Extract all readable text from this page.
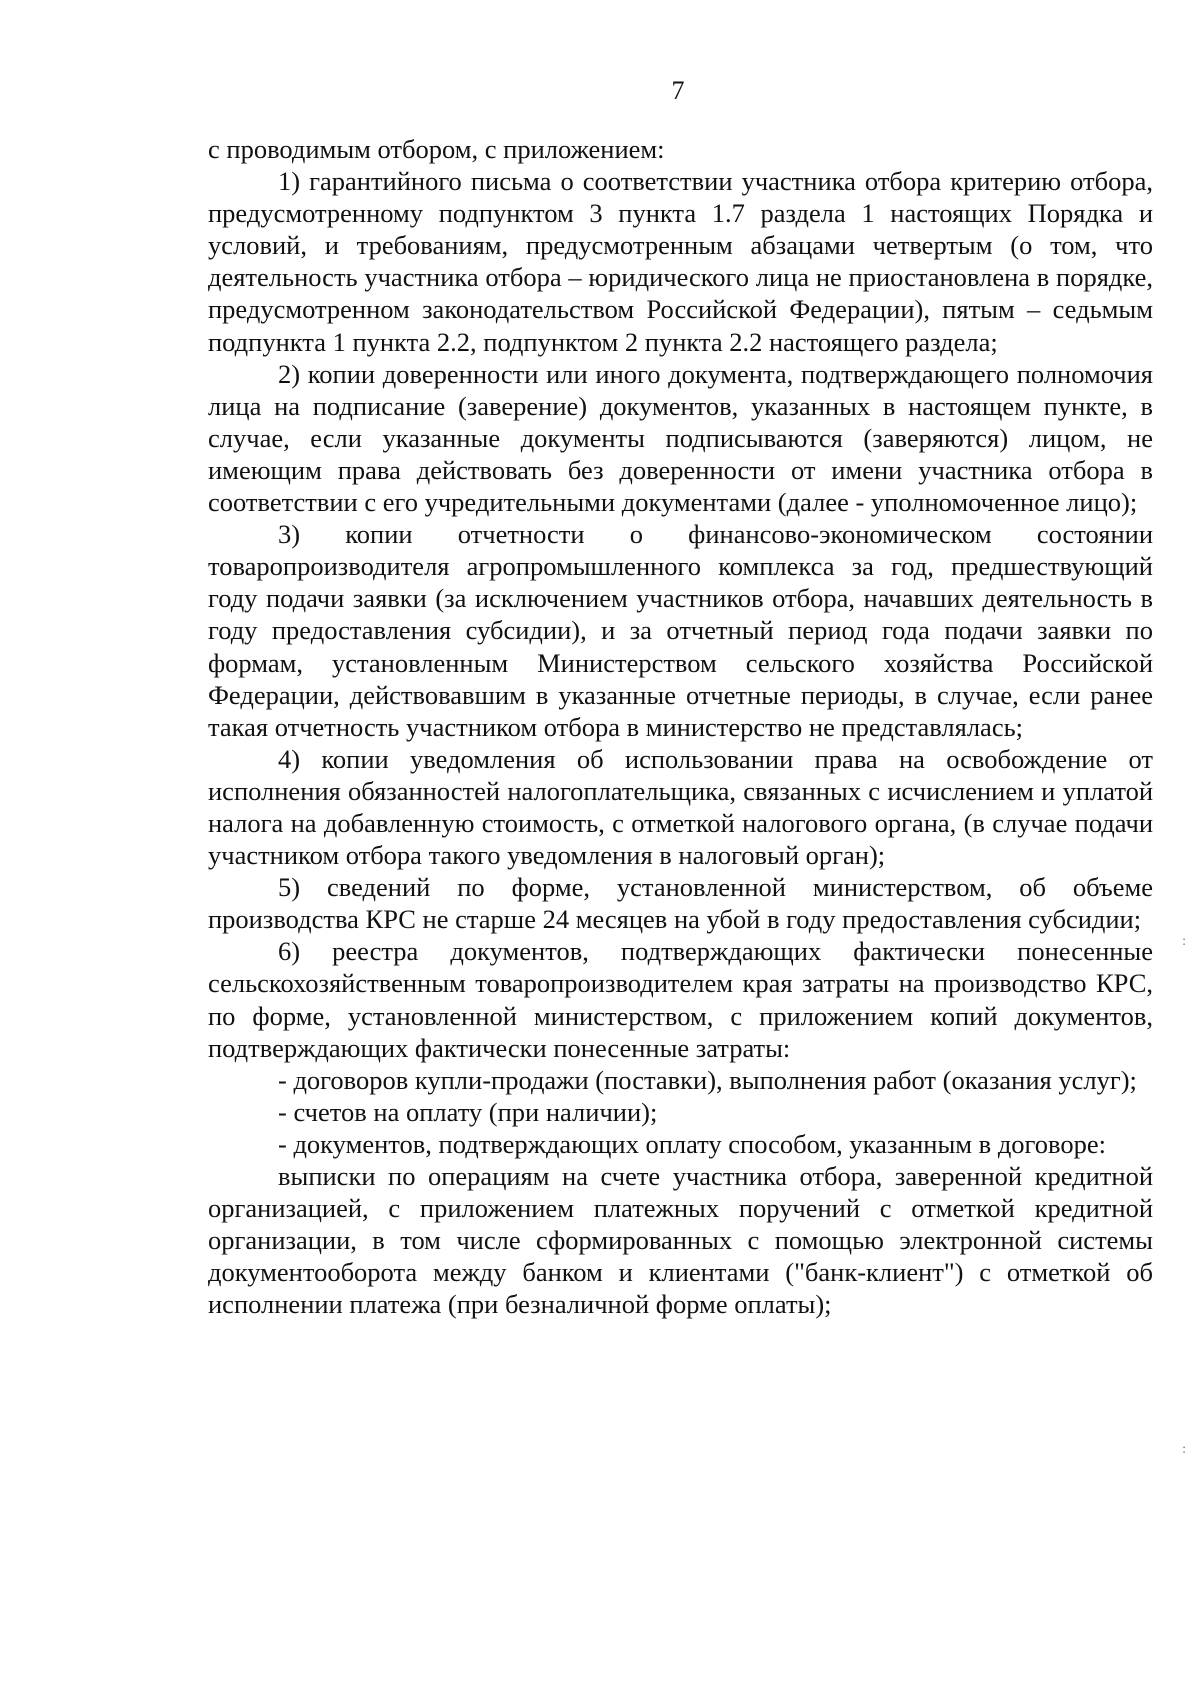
7

с проводимым отбором, с приложением:

1) гарантийного письма о соответствии участника отбора критерию отбора, предусмотренному подпунктом 3 пункта 1.7 раздела 1 настоящих Порядка и условий, и требованиям, предусмотренным абзацами четвертым (о том, что деятельность участника отбора – юридического лица не приостановлена в порядке, предусмотренном законодательством Российской Федерации), пятым – седьмым подпункта 1 пункта 2.2, подпунктом 2 пункта 2.2 настоящего раздела;

2) копии доверенности или иного документа, подтверждающего полномочия лица на подписание (заверение) документов, указанных в настоящем пункте, в случае, если указанные документы подписываются (заверяются) лицом, не имеющим права действовать без доверенности от имени участника отбора в соответствии с его учредительными документами (далее - уполномоченное лицо);

3) копии отчетности о финансово-экономическом состоянии товаропроизводителя агропромышленного комплекса за год, предшествующий году подачи заявки (за исключением участников отбора, начавших деятельность в году предоставления субсидии), и за отчетный период года подачи заявки по формам, установленным Министерством сельского хозяйства Российской Федерации, действовавшим в указанные отчетные периоды, в случае, если ранее такая отчетность участником отбора в министерство не представлялась;

4) копии уведомления об использовании права на освобождение от исполнения обязанностей налогоплательщика, связанных с исчислением и уплатой налога на добавленную стоимость, с отметкой налогового органа, (в случае подачи участником отбора такого уведомления в налоговый орган);

5) сведений по форме, установленной министерством, об объеме производства КРС не старше 24 месяцев на убой в году предоставления субсидии;

6) реестра документов, подтверждающих фактически понесенные сельскохозяйственным товаропроизводителем края затраты на производство КРС, по форме, установленной министерством, с приложением копий документов, подтверждающих фактически понесенные затраты:

- договоров купли-продажи (поставки), выполнения работ (оказания услуг);

- счетов на оплату (при наличии);

- документов, подтверждающих оплату способом, указанным в договоре:

выписки по операциям на счете участника отбора, заверенной кредитной организацией, с приложением платежных поручений с отметкой кредитной организации, в том числе сформированных с помощью электронной системы документооборота между банком и клиентами ("банк-клиент") с отметкой об исполнении платежа (при безналичной форме оплаты);

:
:
